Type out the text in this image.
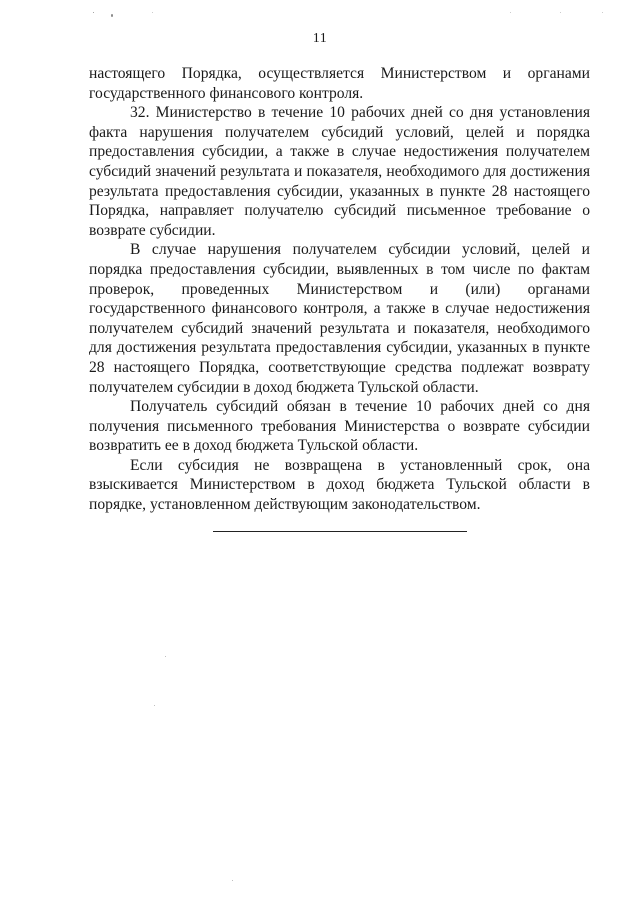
11

настоящего Порядка, осуществляется Министерством и органами государственного финансового контроля.

32. Министерство в течение 10 рабочих дней со дня установления факта нарушения получателем субсидий условий, целей и порядка предоставления субсидии, а также в случае недостижения получателем субсидий значений результата и показателя, необходимого для достижения результата предоставления субсидии, указанных в пункте 28 настоящего Порядка, направляет получателю субсидий письменное требование о возврате субсидии.

В случае нарушения получателем субсидии условий, целей и порядка предоставления субсидии, выявленных в том числе по фактам проверок, проведенных Министерством и (или) органами государственного финансового контроля, а также в случае недостижения получателем субсидий значений результата и показателя, необходимого для достижения результата предоставления субсидии, указанных в пункте 28 настоящего Порядка, соответствующие средства подлежат возврату получателем субсидии в доход бюджета Тульской области.

Получатель субсидий обязан в течение 10 рабочих дней со дня получения письменного требования Министерства о возврате субсидии возвратить ее в доход бюджета Тульской области.

Если субсидия не возвращена в установленный срок, она взыскивается Министерством в доход бюджета Тульской области в порядке, установленном действующим законодательством.
